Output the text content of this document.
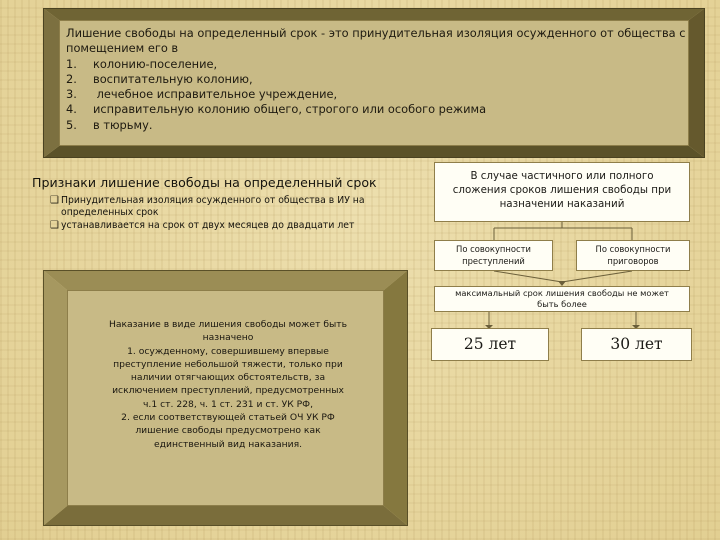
Лишение свободы на определенный срок - это принудительная изоляция осужденного от общества с помещением его в
1.	колонию-поселение,
2.	воспитательную колонию,
3.	лечебное исправительное учреждение,
4.	исправительную колонию общего, строгого или особого режима
5.	в тюрьму.
Признаки лишение свободы на определенный срок
❑ Принудительная изоляция осужденного от общества в ИУ на определенных срок
❑ устанавливается на срок от двух месяцев до двадцати лет
Наказание в виде лишения свободы может быть
назначено
1. осужденному, совершившему впервые
преступление небольшой тяжести, только при
наличии отягчающих обстоятельств, за
исключением преступлений, предусмотренных
ч.1 ст. 228, ч. 1 ст. 231 и ст. УК РФ,
2. если соответствующей статьей ОЧ УК РФ
лишение свободы предусмотрено как
единственный вид наказания.
В случае частичного или полного
сложения сроков лишения свободы при
назначении наказаний
По совокупности
преступлений
По совокупности
приговоров
максимальный срок лишения свободы не может
быть более
25 лет	30 лет
